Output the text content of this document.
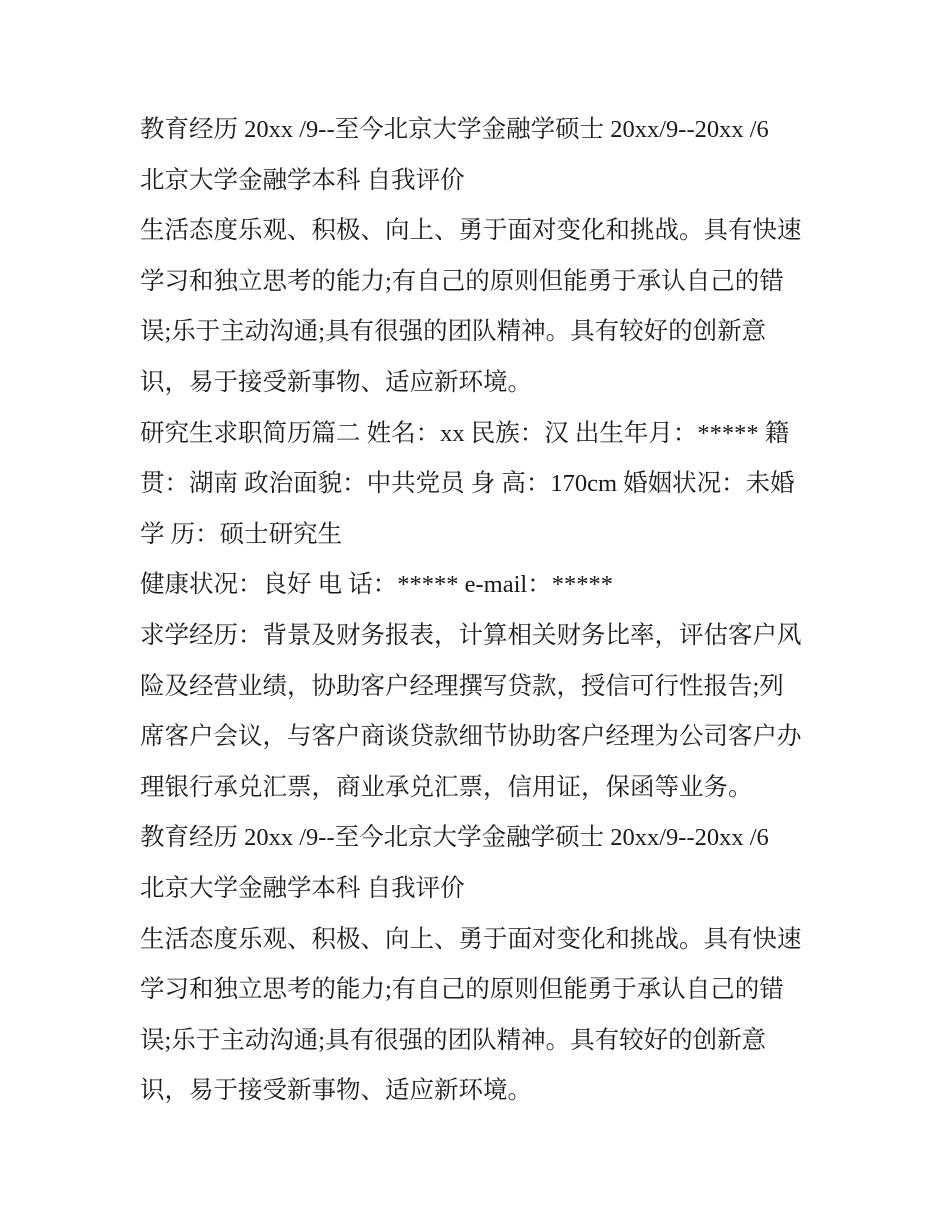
教育经历 20xx /9--至今北京大学金融学硕士 20xx/9--20xx /6
北京大学金融学本科 自我评价
生活态度乐观、积极、向上、勇于面对变化和挑战。具有快速
学习和独立思考的能力;有自己的原则但能勇于承认自己的错
误;乐于主动沟通;具有很强的团队精神。具有较好的创新意
识，易于接受新事物、适应新环境。
研究生求职简历篇二 姓名：xx 民族：汉 出生年月：***** 籍
贯：湖南 政治面貌：中共党员 身 高：170cm 婚姻状况：未婚
学 历：硕士研究生
健康状况：良好 电 话：***** e-mail：*****
求学经历：背景及财务报表，计算相关财务比率，评估客户风
险及经营业绩，协助客户经理撰写贷款，授信可行性报告;列
席客户会议，与客户商谈贷款细节协助客户经理为公司客户办
理银行承兑汇票，商业承兑汇票，信用证，保函等业务。
教育经历 20xx /9--至今北京大学金融学硕士 20xx/9--20xx /6
北京大学金融学本科 自我评价
生活态度乐观、积极、向上、勇于面对变化和挑战。具有快速
学习和独立思考的能力;有自己的原则但能勇于承认自己的错
误;乐于主动沟通;具有很强的团队精神。具有较好的创新意
识，易于接受新事物、适应新环境。
